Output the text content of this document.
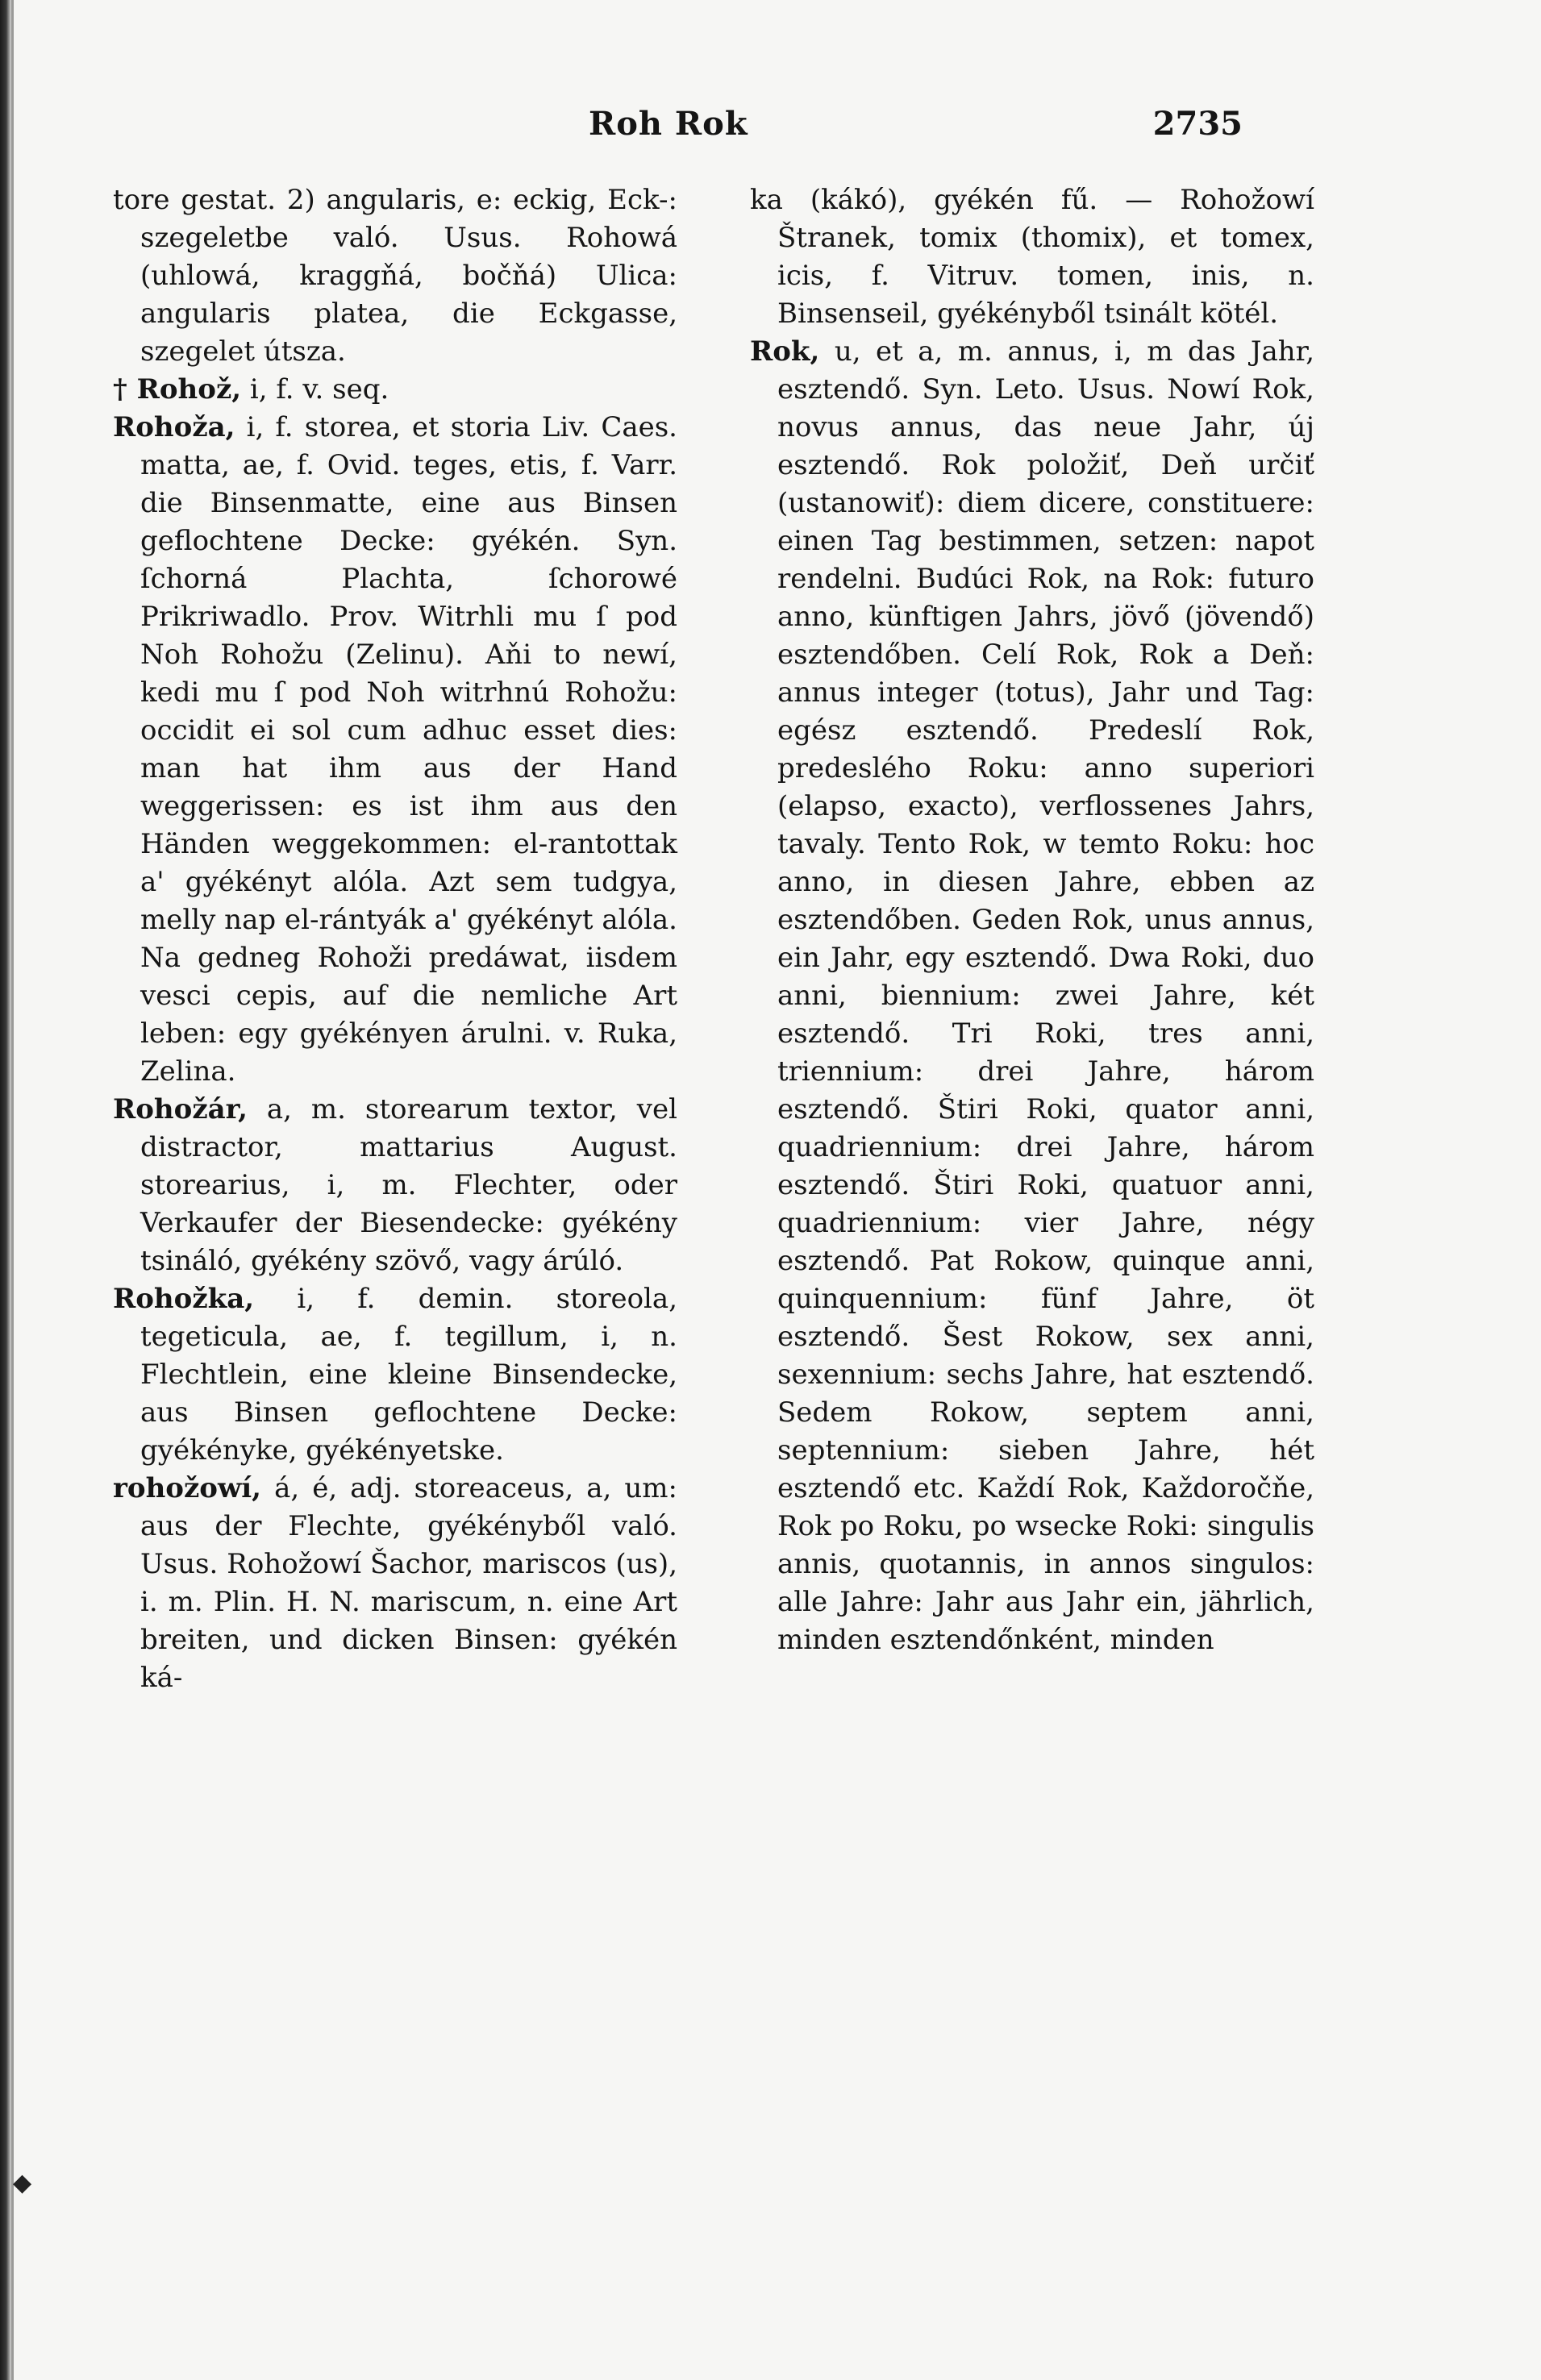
Roh Rok	2735

tore gestat. 2) angularis, e: eckig, Eck-: szegeletbe való. Usus. Rohowá (uhlowá, kraggňá, bočňá) Ulica: angularis platea, die Eckgasse, szegelet útsza.

† Rohož, i, f. v. seq.

Rohoža, i, f. storea, et storia Liv. Caes. matta, ae, f. Ovid. teges, etis, f. Varr. die Binsenmatte, eine aus Binsen geflochtene Decke: gyékén. Syn. ſchorná Plachta, ſchorowé Prikriwadlo. Prov. Witrhli mu ſ pod Noh Rohožu (Zelinu). Aňi to newí, kedi mu ſ pod Noh witrhnú Rohožu: occidit ei sol cum adhuc esset dies: man hat ihm aus der Hand weggerissen: es ist ihm aus den Händen weggekommen: el-rantottak a' gyékényt alóla. Azt sem tudgya, melly nap el-rántyák a' gyékényt alóla. Na gedneg Rohoži predáwat, iisdem vesci cepis, auf die nemliche Art leben: egy gyékényen árulni. v. Ruka, Zelina.

Rohožár, a, m. storearum textor, vel distractor, mattarius August. storearius, i, m. Flechter, oder Verkaufer der Biesendecke: gyékény tsináló, gyékény szövő, vagy árúló.

Rohožka, i, f. demin. storeola, tegeticula, ae, f. tegillum, i, n. Flechtlein, eine kleine Binsendecke, aus Binsen geflochtene Decke: gyékényke, gyékényetske.

rohožowí, á, é, adj. storeaceus, a, um: aus der Flechte, gyékényből való. Usus. Rohožowí Šachor, mariscos (us), i. m. Plin. H. N. mariscum, n. eine Art breiten, und dicken Binsen: gyékén ká-

ka (kákó), gyékén fű. — Rohožowí Štranek, tomix (thomix), et tomex, icis, f. Vitruv. tomen, inis, n. Binsenseil, gyékényből tsinált kötél.

Rok, u, et a, m. annus, i, m das Jahr, esztendő. Syn. Leto. Usus. Nowí Rok, novus annus, das neue Jahr, új esztendő. Rok položiť, Deň určiť (ustanowiť): diem dicere, constituere: einen Tag bestimmen, setzen: napot rendelni. Budúci Rok, na Rok: futuro anno, künftigen Jahrs, jövő (jövendő) esztendőben. Celí Rok, Rok a Deň: annus integer (totus), Jahr und Tag: egész esztendő. Predeslí Rok, predeslého Roku: anno superiori (elapso, exacto), verflossenes Jahrs, tavaly. Tento Rok, w temto Roku: hoc anno, in diesen Jahre, ebben az esztendőben. Geden Rok, unus annus, ein Jahr, egy esztendő. Dwa Roki, duo anni, biennium: zwei Jahre, két esztendő. Tri Roki, tres anni, triennium: drei Jahre, három esztendő. Štiri Roki, quator anni, quadriennium: drei Jahre, három esztendő. Štiri Roki, quatuor anni, quadriennium: vier Jahre, négy esztendő. Pat Rokow, quinque anni, quinquennium: fünf Jahre, öt esztendő. Šest Rokow, sex anni, sexennium: sechs Jahre, hat esztendő. Sedem Rokow, septem anni, septennium: sieben Jahre, hét esztendő etc. Každí Rok, Každoročňe, Rok po Roku, po wsecke Roki: singulis annis, quotannis, in annos singulos: alle Jahre: Jahr aus Jahr ein, jährlich, minden esztendőnként, minden

◆
